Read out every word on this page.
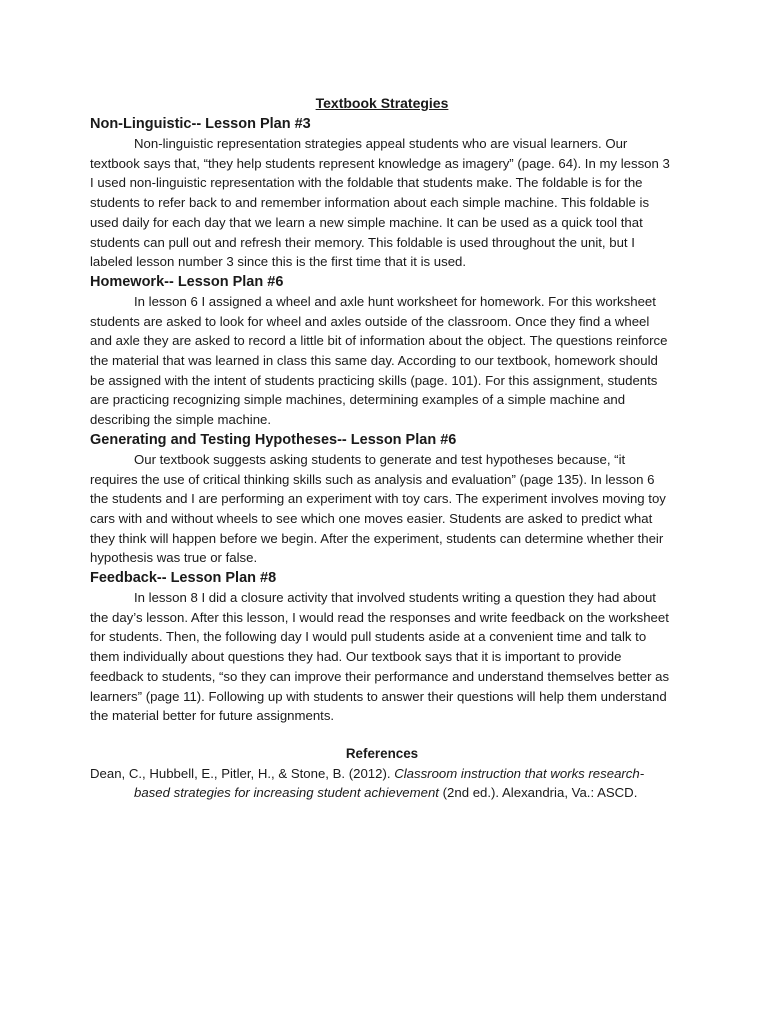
Textbook Strategies
Non-Linguistic-- Lesson Plan #3

Non-linguistic representation strategies appeal students who are visual learners. Our textbook says that, “they help students represent knowledge as imagery” (page. 64). In my lesson 3 I used non-linguistic representation with the foldable that students make. The foldable is for the students to refer back to and remember information about each simple machine. This foldable is used daily for each day that we learn a new simple machine. It can be used as a quick tool that students can pull out and refresh their memory. This foldable is used throughout the unit, but I labeled lesson number 3 since this is the first time that it is used.

Homework-- Lesson Plan #6

In lesson 6 I assigned a wheel and axle hunt worksheet for homework. For this worksheet students are asked to look for wheel and axles outside of the classroom. Once they find a wheel and axle they are asked to record a little bit of information about the object. The questions reinforce the material that was learned in class this same day. According to our textbook, homework should be assigned with the intent of students practicing skills (page. 101). For this assignment, students are practicing recognizing simple machines, determining examples of a simple machine and describing the simple machine.

Generating and Testing Hypotheses-- Lesson Plan #6

Our textbook suggests asking students to generate and test hypotheses because, “it requires the use of critical thinking skills such as analysis and evaluation” (page 135). In lesson 6 the students and I are performing an experiment with toy cars. The experiment involves moving toy cars with and without wheels to see which one moves easier. Students are asked to predict what they think will happen before we begin. After the experiment, students can determine whether their hypothesis was true or false.

Feedback-- Lesson Plan #8

In lesson 8 I did a closure activity that involved students writing a question they had about the day’s lesson. After this lesson, I would read the responses and write feedback on the worksheet for students. Then, the following day I would pull students aside at a convenient time and talk to them individually about questions they had. Our textbook says that it is important to provide feedback to students, “so they can improve their performance and understand themselves better as learners” (page 11). Following up with students to answer their questions will help them understand the material better for future assignments.

References

Dean, C., Hubbell, E., Pitler, H., & Stone, B. (2012). Classroom instruction that works research-based strategies for increasing student achievement (2nd ed.). Alexandria, Va.: ASCD.
